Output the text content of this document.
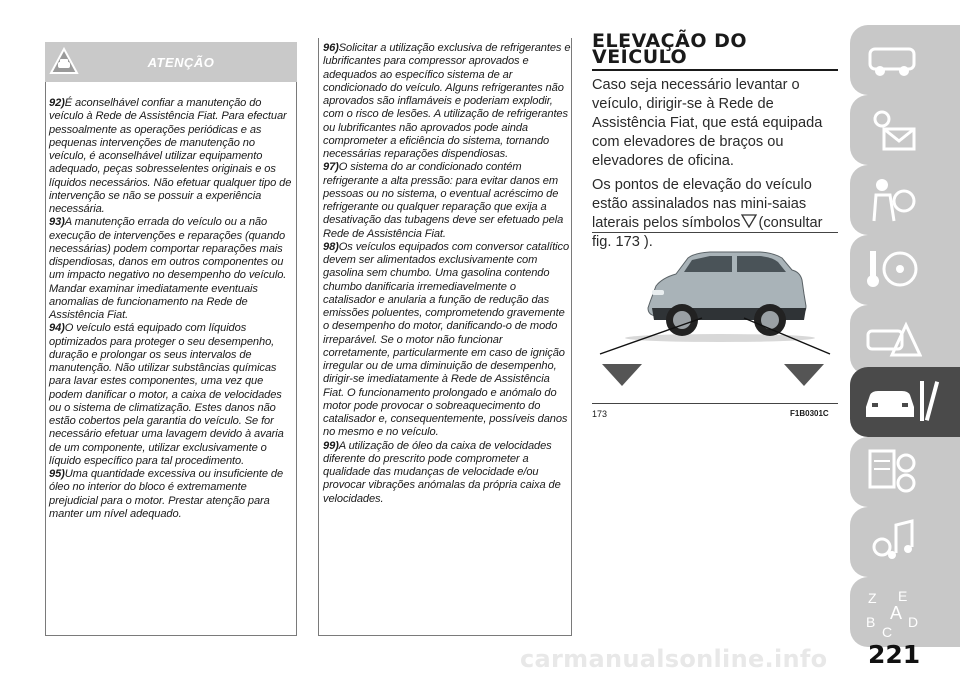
ATENÇÃO

92)É aconselhável confiar a manutenção do veículo à Rede de Assistência Fiat. Para efectuar pessoalmente as operações periódicas e as pequenas intervenções de manutenção no veículo, é aconselhável utilizar equipamento adequado, peças sobresselentes originais e os líquidos necessários. Não efetuar qualquer tipo de intervenção se não se possuir a experiência necessária.

93)A manutenção errada do veículo ou a não execução de intervenções e reparações (quando necessárias) podem comportar reparações mais dispendiosas, danos em outros componentes ou um impacto negativo no desempenho do veículo. Mandar examinar imediatamente eventuais anomalias de funcionamento na Rede de Assistência Fiat.

94)O veículo está equipado com líquidos optimizados para proteger o seu desempenho, duração e prolongar os seus intervalos de manutenção. Não utilizar substâncias químicas para lavar estes componentes, uma vez que podem danificar o motor, a caixa de velocidades ou o sistema de climatização. Estes danos não estão cobertos pela garantia do veículo. Se for necessário efetuar uma lavagem devido à avaria de um componente, utilizar exclusivamente o líquido específico para tal procedimento.

95)Uma quantidade excessiva ou insuficiente de óleo no interior do bloco é extremamente prejudicial para o motor. Prestar atenção para manter um nível adequado.

96)Solicitar a utilização exclusiva de refrigerantes e lubrificantes para compressor aprovados e adequados ao específico sistema de ar condicionado do veículo. Alguns refrigerantes não aprovados são inflamáveis e poderiam explodir, com o risco de lesões. A utilização de refrigerantes ou lubrificantes não aprovados pode ainda comprometer a eficiência do sistema, tornando necessárias reparações dispendiosas.

97)O sistema do ar condicionado contém refrigerante a alta pressão: para evitar danos em pessoas ou no sistema, o eventual acréscimo de refrigerante ou qualquer reparação que exija a desativação das tubagens deve ser efetuado pela Rede de Assistência Fiat.

98)Os veículos equipados com conversor catalítico devem ser alimentados exclusivamente com gasolina sem chumbo. Uma gasolina contendo chumbo danificaria irremediavelmente o catalisador e anularia a função de redução das emissões poluentes, comprometendo gravemente o desempenho do motor, danificando-o de modo irreparável. Se o motor não funcionar corretamente, particularmente em caso de ignição irregular ou de uma diminuição de desempenho, dirigir-se imediatamente à Rede de Assistência Fiat. O funcionamento prolongado e anómalo do motor pode provocar o sobreaquecimento do catalisador e, consequentemente, possíveis danos no mesmo e no veículo.

99)A utilização de óleo da caixa de velocidades diferente do prescrito pode comprometer a qualidade das mudanças de velocidade e/ou provocar vibrações anómalas da própria caixa de velocidades.

ELEVAÇÃO DO
VEÍCULO

Caso seja necessário levantar o veículo, dirigir-se à Rede de Assistência Fiat, que está equipada com elevadores de braços ou elevadores de oficina.

Os pontos de elevação do veículo estão assinalados nas mini-saias laterais pelos símbolos (consultar fig. 173 ).

173	F1B0301C
Z E
B A D
C
carmanualsonline.info 221
